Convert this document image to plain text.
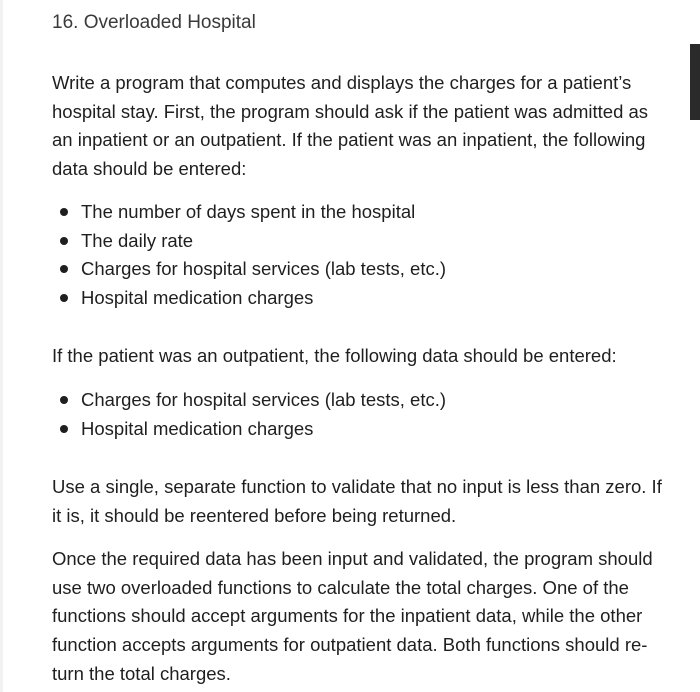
16. Overloaded Hospital

Write a program that computes and displays the charges for a patient’s
hospital stay. First, the program should ask if the patient was admitted as
an inpatient or an outpatient. If the patient was an inpatient, the following
data should be entered:

The number of days spent in the hospital
The daily rate
Charges for hospital services (lab tests, etc.)
Hospital medication charges

If the patient was an outpatient, the following data should be entered:

Charges for hospital services (lab tests, etc.)
Hospital medication charges

Use a single, separate function to validate that no input is less than zero. If
it is, it should be reentered before being returned.

Once the required data has been input and validated, the program should
use two overloaded functions to calculate the total charges. One of the
functions should accept arguments for the inpatient data, while the other
function accepts arguments for outpatient data. Both functions should re-
turn the total charges.
